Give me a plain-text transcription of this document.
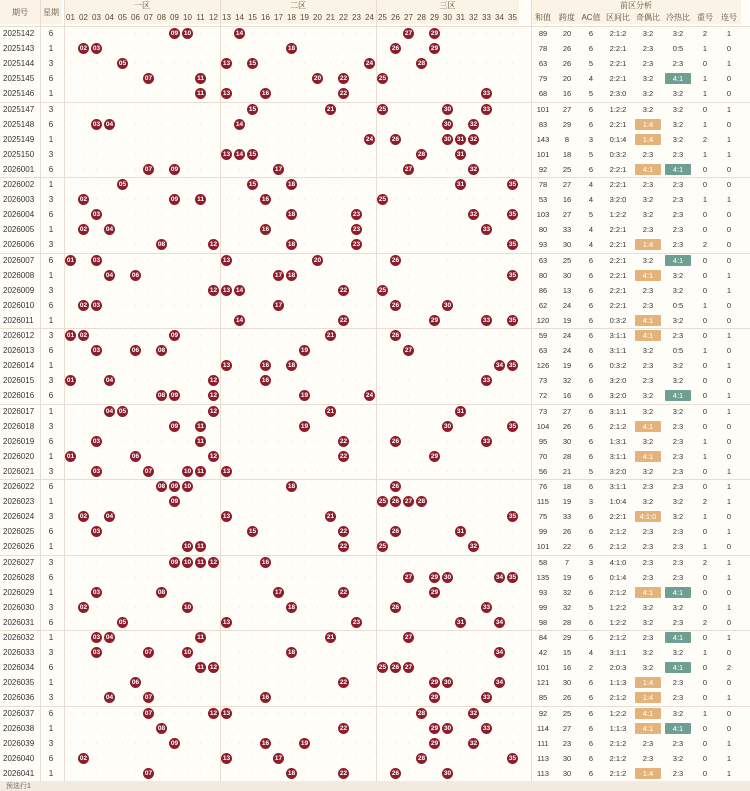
期号	星期
一区	二区	三区
01 02 03 04 05 06 07 08 09 10 11 12 13 14 15 16 17 18 19 20 21 22 23 24 25 26 27 28 29 30 31 32 33 34 35
前区分析
和值	跨度 AC值 区间比 奇偶比 冷热比 重号	连号
2025142	6	·	·	·	·	·	·	·	·	09 10	·	·	·	14	·	·	·	·	·	·	·	·	·	·	·	·	27	·	29	·	·	·	·	·	·	89	20	6	2:1:2	3:2	3:2	2	1
2025143	1	·	02 03	·	·	·	·	·	·	·	·	·	·	·	·	·	·	18	·	·	·	·	·	·	·	26	·	·	29	·	·	·	·	·	·	78	26	6	2:2:1	2:3	0:5	1	0
2025144	3	·	·	·	·	05	·	·	·	·	·	·	·	13	·	15	·	·	·	·	·	·	·	·	24	·	·	·	28	·	·	·	·	·	·	·	63	26	5	2:2:1	2:3	2:3	0	1
2025145	6	·	·	·	·	·	·	07	·	·	·	11	·	·	·	·	·	·	·	·	20	·	22	·	·	25	·	·	·	·	·	·	·	·	·	·	79	20	4	2:2:1	3:2	4:1	1	0
2025146	1	·	·	·	·	·	·	·	·	·	·	11	·	13	·	·	16	·	·	·	·	·	22	·	·	·	·	·	·	·	·	·	·	33	·	·	68	16	5	2:3:0	3:2	3:2	1	0
2025147	3	·	·	·	·	·	·	·	·	·	·	·	·	·	·	15	·	·	·	·	·	21	·	·	·	25	·	·	·	·	30	·	·	33	·	·	101	27	6	1:2:2	3:2	3:2	0	1
2025148	6	·	·	03 04	·	·	·	·	·	·	·	·	·	14	·	·	·	·	·	·	·	·	·	·	·	·	·	·	·	30	·	32	·	·	·	83	29	6	2:2:1	1:4	3:2	1	0
2025149	1	·	·	·	·	·	·	·	·	·	·	·	·	·	·	·	·	·	·	·	·	·	·	·	24	·	26	·	·	·	30 31 32	·	·	·	143	8	3	0:1:4	1:4	3:2	2	1
2025150	3	·	·	·	·	·	·	·	·	·	·	·	·	13 14 15	·	·	·	·	·	·	·	·	·	·	·	·	28	·	·	31	·	·	·	·	101	18	5	0:3:2	2:3	2:3	1	1
2026001	6	·	·	·	·	·	·	07	·	09	·	·	·	·	·	·	·	17	·	·	·	·	·	·	·	·	·	27	·	·	·	·	32	·	·	·	92	25	6	2:2:1	4:1	4:1	0	0
2026002	1	·	·	·	·	05	·	·	·	·	·	·	·	·	·	15	·	·	18	·	·	·	·	·	·	·	·	·	·	·	·	31	·	·	·	35	78	27	4	2:2:1	2:3	2:3	0	0
2026003	3	·	02	·	·	·	·	·	·	09	·	11	·	·	·	·	16	·	·	·	·	·	·	·	·	25	·	·	·	·	·	·	·	·	·	·	53	16	4	3:2:0	3:2	2:3	1	1
2026004	6	·	·	03	·	·	·	·	·	·	·	·	·	·	·	·	·	·	18	·	·	·	·	23	·	·	·	·	·	·	·	·	32	·	·	35	103	27	5	1:2:2	3:2	2:3	0	0
2026005	1	·	02	·	04	·	·	·	·	·	·	·	·	·	·	·	16	·	·	·	·	·	·	23	·	·	·	·	·	·	·	·	·	33	·	·	80	33	4	2:2:1	2:3	2:3	0	0
2026006	3	·	·	·	·	·	·	·	08	·	·	·	12	·	·	·	·	·	18	·	·	·	·	23	·	·	·	·	·	·	·	·	·	·	·	35	93	30	4	2:2:1	1:4	2:3	2	0
2026007	6	01	·	03	·	·	·	·	·	·	·	·	·	13	·	·	·	·	·	·	20	·	·	·	·	·	26	·	·	·	·	·	·	·	·	·	63	25	6	2:2:1	3:2	4:1	0	0
2026008	1	·	·	·	04	·	06	·	·	·	·	·	·	·	·	·	·	17 18	·	·	·	·	·	·	·	·	·	·	·	·	·	·	·	·	35	80	30	6	2:2:1	4:1	3:2	0	1
2026009	3	·	·	·	·	·	·	·	·	·	·	·	12 13 14	·	·	·	·	·	·	·	22	·	·	25	·	·	·	·	·	·	·	·	·	·	86	13	6	2:2:1	2:3	3:2	0	1
2026010	6	·	02 03	·	·	·	·	·	·	·	·	·	·	·	·	·	17	·	·	·	·	·	·	·	·	26	·	·	·	30	·	·	·	·	·	62	24	6	2:2:1	2:3	0:5	1	0
2026011	1	·	·	·	·	·	·	·	·	·	·	·	·	·	14	·	·	·	·	·	·	·	22	·	·	·	·	·	·	29	·	·	·	33	·	35	120	19	6	0:3:2	4:1	3:2	0	0
2026012	3	01 02	·	·	·	·	·	·	09	·	·	·	·	·	·	·	·	·	·	·	21	·	·	·	·	26	·	·	·	·	·	·	·	·	·	59	24	6	3:1:1	4:1	2:3	0	1
2026013	6	·	·	03	·	·	06	·	08	·	·	·	·	·	·	·	·	·	·	19	·	·	·	·	·	·	·	27	·	·	·	·	·	·	·	·	63	24	6	3:1:1	3:2	0:5	1	0
2026014	1	·	·	·	·	·	·	·	·	·	·	·	·	13	·	·	16	·	18	·	·	·	·	·	·	·	·	·	·	·	·	·	·	·	34 35	126	19	6	0:3:2	2:3	3:2	0	1
2026015	3	01	·	·	04	·	·	·	·	·	·	·	12	·	·	·	16	·	·	·	·	·	·	·	·	·	·	·	·	·	·	·	·	33	·	·	73	32	6	3:2:0	2:3	3:2	0	0
2026016	6	·	·	·	·	·	·	·	08 09	·	·	12	·	·	·	·	·	·	19	·	·	·	·	24	·	·	·	·	·	·	·	·	·	·	·	72	16	6	3:2:0	3:2	4:1	0	1
2026017	1	·	·	·	04 05	·	·	·	·	·	·	12	·	·	·	·	·	·	·	·	21	·	·	·	·	·	·	·	·	·	31	·	·	·	·	73	27	6	3:1:1	3:2	3:2	0	1
2026018	3	·	·	·	·	·	·	·	·	09	·	11	·	·	·	·	·	·	·	19	·	·	·	·	·	·	·	·	·	·	30	·	·	·	·	35	104	26	6	2:1:2	4:1	2:3	0	0
2026019	6	·	·	03	·	·	·	·	·	·	·	11	·	·	·	·	·	·	·	·	·	·	22	·	·	·	26	·	·	·	·	·	·	33	·	·	95	30	6	1:3:1	3:2	2:3	1	0
2026020	1	01	·	·	·	·	06	·	·	·	·	·	12	·	·	·	·	·	·	·	·	·	22	·	·	·	·	·	·	29	·	·	·	·	·	·	70	28	6	3:1:1	4:1	2:3	1	0
2026021	3	·	·	03	·	·	·	07	·	·	10 11	·	13	·	·	·	·	·	·	·	·	·	·	·	·	·	·	·	·	·	·	·	·	·	·	56	21	5	3:2:0	3:2	2:3	0	1
2026022	6	·	·	·	·	·	·	·	08 09 10	·	·	·	·	·	·	·	18	·	·	·	·	·	·	·	26	·	·	·	·	·	·	·	·	·	76	18	6	3:1:1	2:3	2:3	0	1
2026023	1	·	·	·	·	·	·	·	·	09	·	·	·	·	·	·	·	·	·	·	·	·	·	·	·	25 26 27 28	·	·	·	·	·	·	·	115	19	3	1:0:4	3:2	3:2	2	1
2026024	3	·	02	·	04	·	·	·	·	·	·	·	·	13	·	·	·	·	·	·	·	21	·	·	·	·	·	·	·	·	·	·	·	·	·	35	75	33	6	2:2:1	4:1:0	3:2	1	0
2026025	6	·	·	03	·	·	·	·	·	·	·	·	·	·	·	15	·	·	·	·	·	·	22	·	·	·	26	·	·	·	·	31	·	·	·	·	99	26	6	2:1:2	2:3	2:3	0	1
2026026	1	·	·	·	·	·	·	·	·	·	10 11	·	·	·	·	·	·	·	·	·	·	22	·	·	25	·	·	·	·	·	·	32	·	·	·	101	22	6	2:1:2	2:3	2:3	1	0
2026027	3	·	·	·	·	·	·	·	·	09 10 11 12	·	·	·	16	·	·	·	·	·	·	·	·	·	·	·	·	·	·	·	·	·	·	·	58	7	3	4:1:0	2:3	2:3	2	1
2026028	6	·	·	·	·	·	·	·	·	·	·	·	·	·	·	·	·	·	·	·	·	·	·	·	·	·	·	27	·	29 30	·	·	·	34 35	135	19	6	0:1:4	2:3	2:3	0	1
2026029	1	·	·	03	·	·	·	·	08	·	·	·	·	·	·	·	·	17	·	·	·	·	22	·	·	·	·	·	·	29	·	·	·	·	·	·	93	32	6	2:1:2	4:1	4:1	0	0
2026030	3	·	02	·	·	·	·	·	·	·	10	·	·	·	·	·	·	·	18	·	·	·	·	·	·	·	26	·	·	·	·	·	·	33	·	·	99	32	5	1:2:2	3:2	3:2	0	1
2026031	6	·	·	·	·	05	·	·	·	·	·	·	·	13	·	·	·	·	·	·	·	·	·	23	·	·	·	·	·	·	·	31	·	·	34	·	98	28	6	1:2:2	3:2	2:3	2	0
2026032	1	·	·	03 04	·	·	·	·	·	·	11	·	·	·	·	·	·	·	·	·	21	·	·	·	·	·	27	·	·	·	·	·	·	·	·	84	29	6	2:1:2	2:3	4:1	0	1
2026033	3	·	·	03	·	·	·	07	·	·	10	·	·	·	·	·	·	·	18	·	·	·	·	·	·	·	·	·	·	·	·	·	·	·	34	·	42	15	4	3:1:1	3:2	3:2	1	0
2026034	6	·	·	·	·	·	·	·	·	·	·	11 12	·	·	·	·	·	·	·	·	·	·	·	·	25 26 27	·	·	·	·	·	·	·	·	101	16	2	2:0:3	3:2	4:1	0	2
2026035	1	·	·	·	·	·	06	·	·	·	·	·	·	·	·	·	·	·	·	·	·	·	22	·	·	·	·	·	·	29 30	·	·	·	34	·	121	30	6	1:1:3	1:4	2:3	0	0
2026036	3	·	·	·	04	·	·	07	·	·	·	·	·	·	·	·	16	·	·	·	·	·	·	·	·	·	·	·	·	29	·	·	·	33	·	·	85	26	6	2:1:2	1:4	2:3	0	1
2026037	6	·	·	·	·	·	·	07	·	·	·	·	12 13	·	·	·	·	·	·	·	·	·	·	·	·	·	·	28	·	·	·	32	·	·	·	92	25	6	1:2:2	4:1	3:2	1	0
2026038	1	·	·	·	·	·	·	·	08	·	·	·	·	·	·	·	·	·	·	·	·	·	22	·	·	·	·	·	·	29 30	·	·	33	·	·	114	27	6	1:1:3	4:1	4:1	0	0
2026039	3	·	·	·	·	·	·	·	·	09	·	·	·	·	·	·	16	·	·	19	·	·	·	·	·	·	·	·	·	29	·	·	32	·	·	·	111	23	6	2:1:2	2:3	2:3	0	1
2026040	6	·	02	·	·	·	·	·	·	·	·	·	·	13	·	·	·	17	·	·	·	·	·	·	·	·	·	·	28	·	·	·	·	·	·	35	113	30	6	2:1:2	2:3	3:2	0	1
2026041	1	·	·	·	·	·	·	07	·	·	·	·	·	·	·	·	·	·	18	·	·	·	22	·	·	·	26	·	·	·	30	·	·	·	·	·	113	30	6	2:1:2	1:4	2:3	0	1
预选行1
